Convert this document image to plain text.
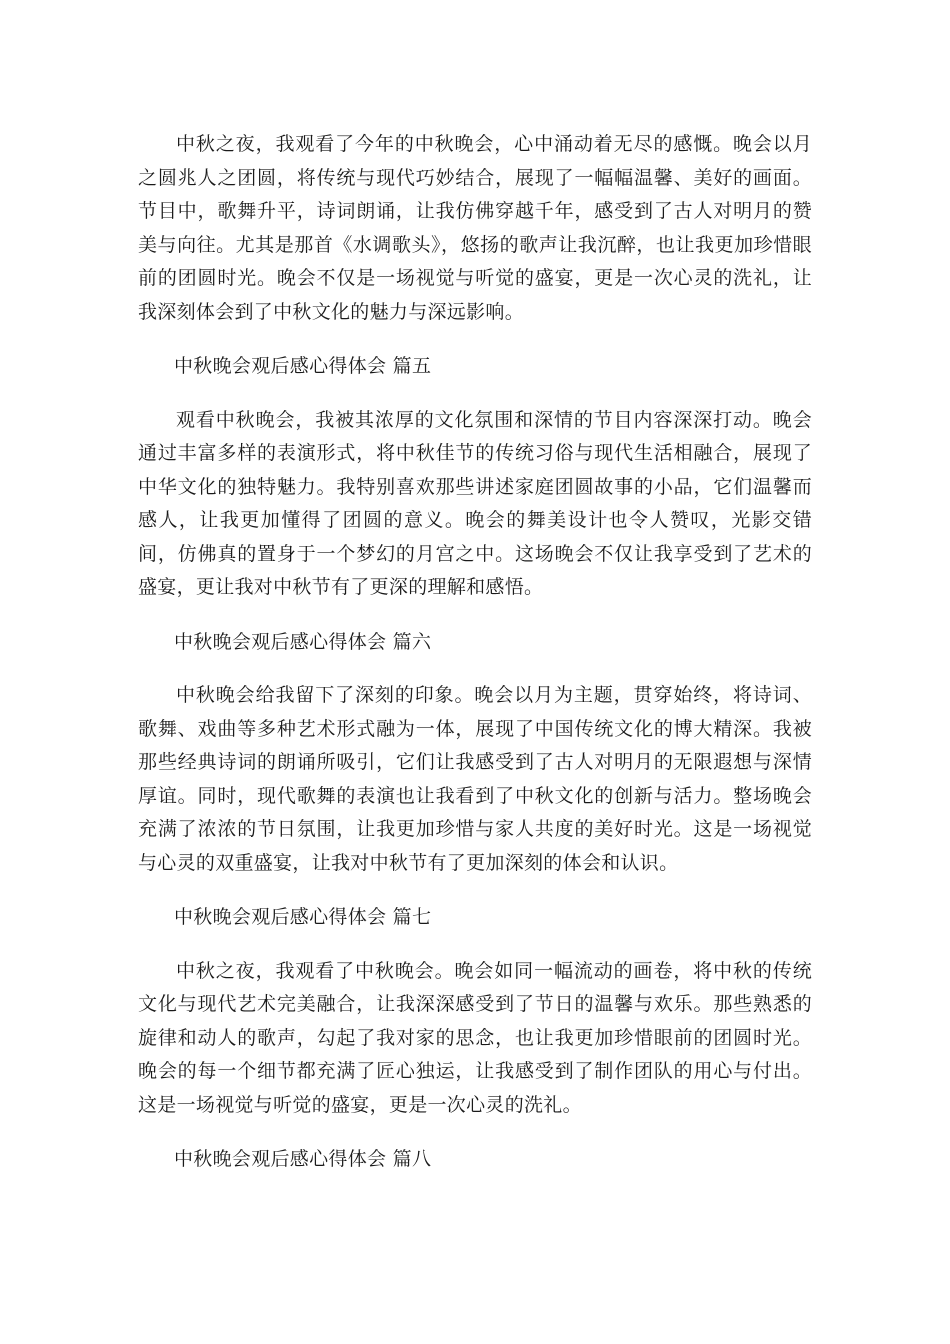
中秋之夜，我观看了今年的中秋晚会，心中涌动着无尽的感慨。晚会以月之圆兆人之团圆，将传统与现代巧妙结合，展现了一幅幅温馨、美好的画面。节目中，歌舞升平，诗词朗诵，让我仿佛穿越千年，感受到了古人对明月的赞美与向往。尤其是那首《水调歌头》，悠扬的歌声让我沉醉，也让我更加珍惜眼前的团圆时光。晚会不仅是一场视觉与听觉的盛宴，更是一次心灵的洗礼，让我深刻体会到了中秋文化的魅力与深远影响。

中秋晚会观后感心得体会 篇五

观看中秋晚会，我被其浓厚的文化氛围和深情的节目内容深深打动。晚会通过丰富多样的表演形式，将中秋佳节的传统习俗与现代生活相融合，展现了中华文化的独特魅力。我特别喜欢那些讲述家庭团圆故事的小品，它们温馨而感人，让我更加懂得了团圆的意义。晚会的舞美设计也令人赞叹，光影交错间，仿佛真的置身于一个梦幻的月宫之中。这场晚会不仅让我享受到了艺术的盛宴，更让我对中秋节有了更深的理解和感悟。

中秋晚会观后感心得体会 篇六

中秋晚会给我留下了深刻的印象。晚会以月为主题，贯穿始终，将诗词、歌舞、戏曲等多种艺术形式融为一体，展现了中国传统文化的博大精深。我被那些经典诗词的朗诵所吸引，它们让我感受到了古人对明月的无限遐想与深情厚谊。同时，现代歌舞的表演也让我看到了中秋文化的创新与活力。整场晚会充满了浓浓的节日氛围，让我更加珍惜与家人共度的美好时光。这是一场视觉与心灵的双重盛宴，让我对中秋节有了更加深刻的体会和认识。

中秋晚会观后感心得体会 篇七

中秋之夜，我观看了中秋晚会。晚会如同一幅流动的画卷，将中秋的传统文化与现代艺术完美融合，让我深深感受到了节日的温馨与欢乐。那些熟悉的旋律和动人的歌声，勾起了我对家的思念，也让我更加珍惜眼前的团圆时光。晚会的每一个细节都充满了匠心独运，让我感受到了制作团队的用心与付出。这是一场视觉与听觉的盛宴，更是一次心灵的洗礼。

中秋晚会观后感心得体会 篇八
